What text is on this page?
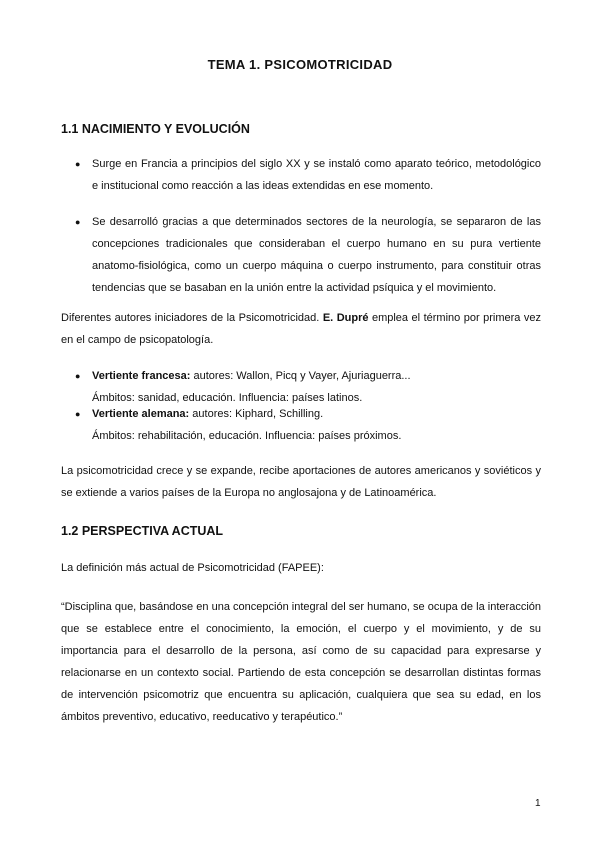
TEMA 1. PSICOMOTRICIDAD
1.1 NACIMIENTO Y EVOLUCIÓN
● Surge en Francia a principios del siglo XX y se instaló como aparato teórico, metodológico e institucional como reacción a las ideas extendidas en ese momento.
● Se desarrolló gracias a que determinados sectores de la neurología, se separaron de las concepciones tradicionales que consideraban el cuerpo humano en su pura vertiente anatomo-fisiológica, como un cuerpo máquina o cuerpo instrumento, para constituir otras tendencias que se basaban en la unión entre la actividad psíquica y el movimiento.
Diferentes autores iniciadores de la Psicomotricidad. E. Dupré emplea el término por primera vez en el campo de psicopatología.
● Vertiente francesa: autores: Wallon, Picq y Vayer, Ajuriaguerra...
Ámbitos: sanidad, educación. Influencia: países latinos.
● Vertiente alemana: autores: Kiphard, Schilling.
Ámbitos: rehabilitación, educación. Influencia: países próximos.
La psicomotricidad crece y se expande, recibe aportaciones de autores americanos y soviéticos y se extiende a varios países de la Europa no anglosajona y de Latinoamérica.
1.2 PERSPECTIVA ACTUAL
La definición más actual de Psicomotricidad (FAPEE):
“Disciplina que, basándose en una concepción integral del ser humano, se ocupa de la interacción que se establece entre el conocimiento, la emoción, el cuerpo y el movimiento, y de su importancia para el desarrollo de la persona, así como de su capacidad para expresarse y relacionarse en un contexto social. Partiendo de esta concepción se desarrollan distintas formas de intervención psicomotriz que encuentra su aplicación, cualquiera que sea su edad, en los ámbitos preventivo, educativo, reeducativo y terapéutico.”
1
